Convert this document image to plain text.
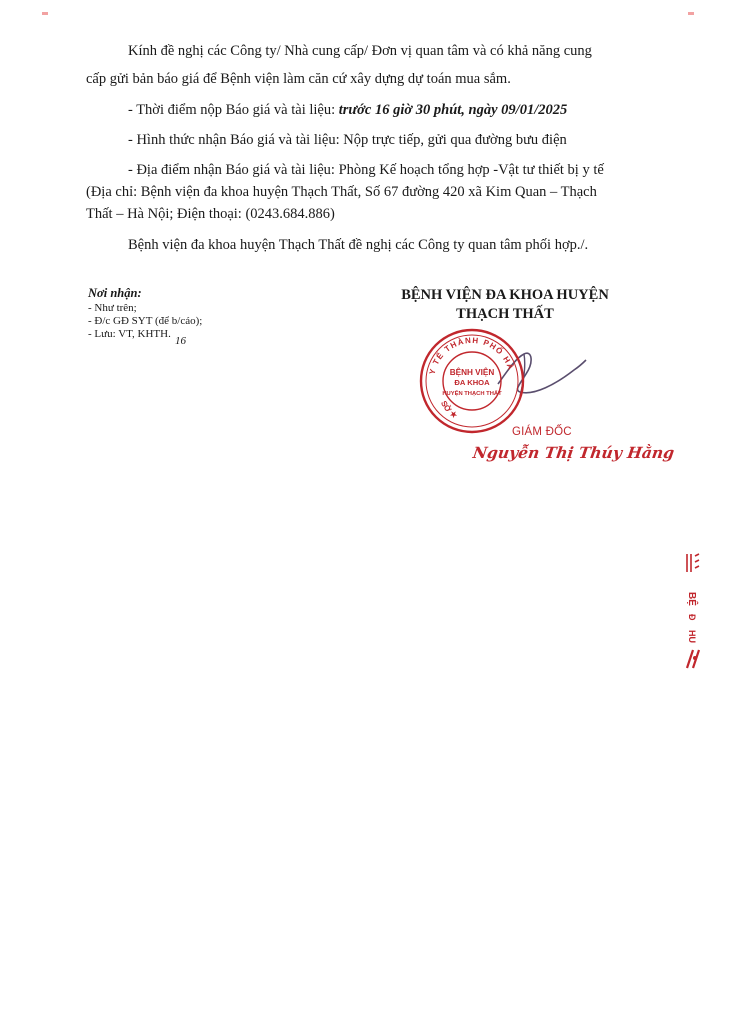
Kính đề nghị các Công ty/ Nhà cung cấp/ Đơn vị quan tâm và có khả năng cung

cấp gửi bản báo giá để Bệnh viện làm căn cứ xây dựng dự toán mua sắm.

- Thời điểm nộp Báo giá và tài liệu: trước 16 giờ 30 phút, ngày 09/01/2025

- Hình thức nhận Báo giá và tài liệu: Nộp trực tiếp, gửi qua đường bưu điện

- Địa điểm nhận Báo giá và tài liệu: Phòng Kế hoạch tổng hợp -Vật tư thiết bị y tế

(Địa chỉ: Bệnh viện đa khoa huyện Thạch Thất, Số 67 đường 420 xã Kim Quan – Thạch

Thất – Hà Nội; Điện thoại: (0243.684.886)

Bệnh viện đa khoa huyện Thạch Thất đề nghị các Công ty quan tâm phối hợp./.

Nơi nhận:
- Như trên;
- Đ/c GĐ SYT (để b/cáo);
- Lưu: VT, KHTH.
16
BỆNH VIỆN ĐA KHOA HUYỆN
THẠCH THẤT
Y TẾ THÀNH PHỐ HÀ
SỞ ★
BỆNH VIỆN
ĐA KHOA
HUYỆN THẠCH THẤT
GIÁM ĐỐC
Nguyễn Thị Thúy Hằng
BỆ
Đ
HU
